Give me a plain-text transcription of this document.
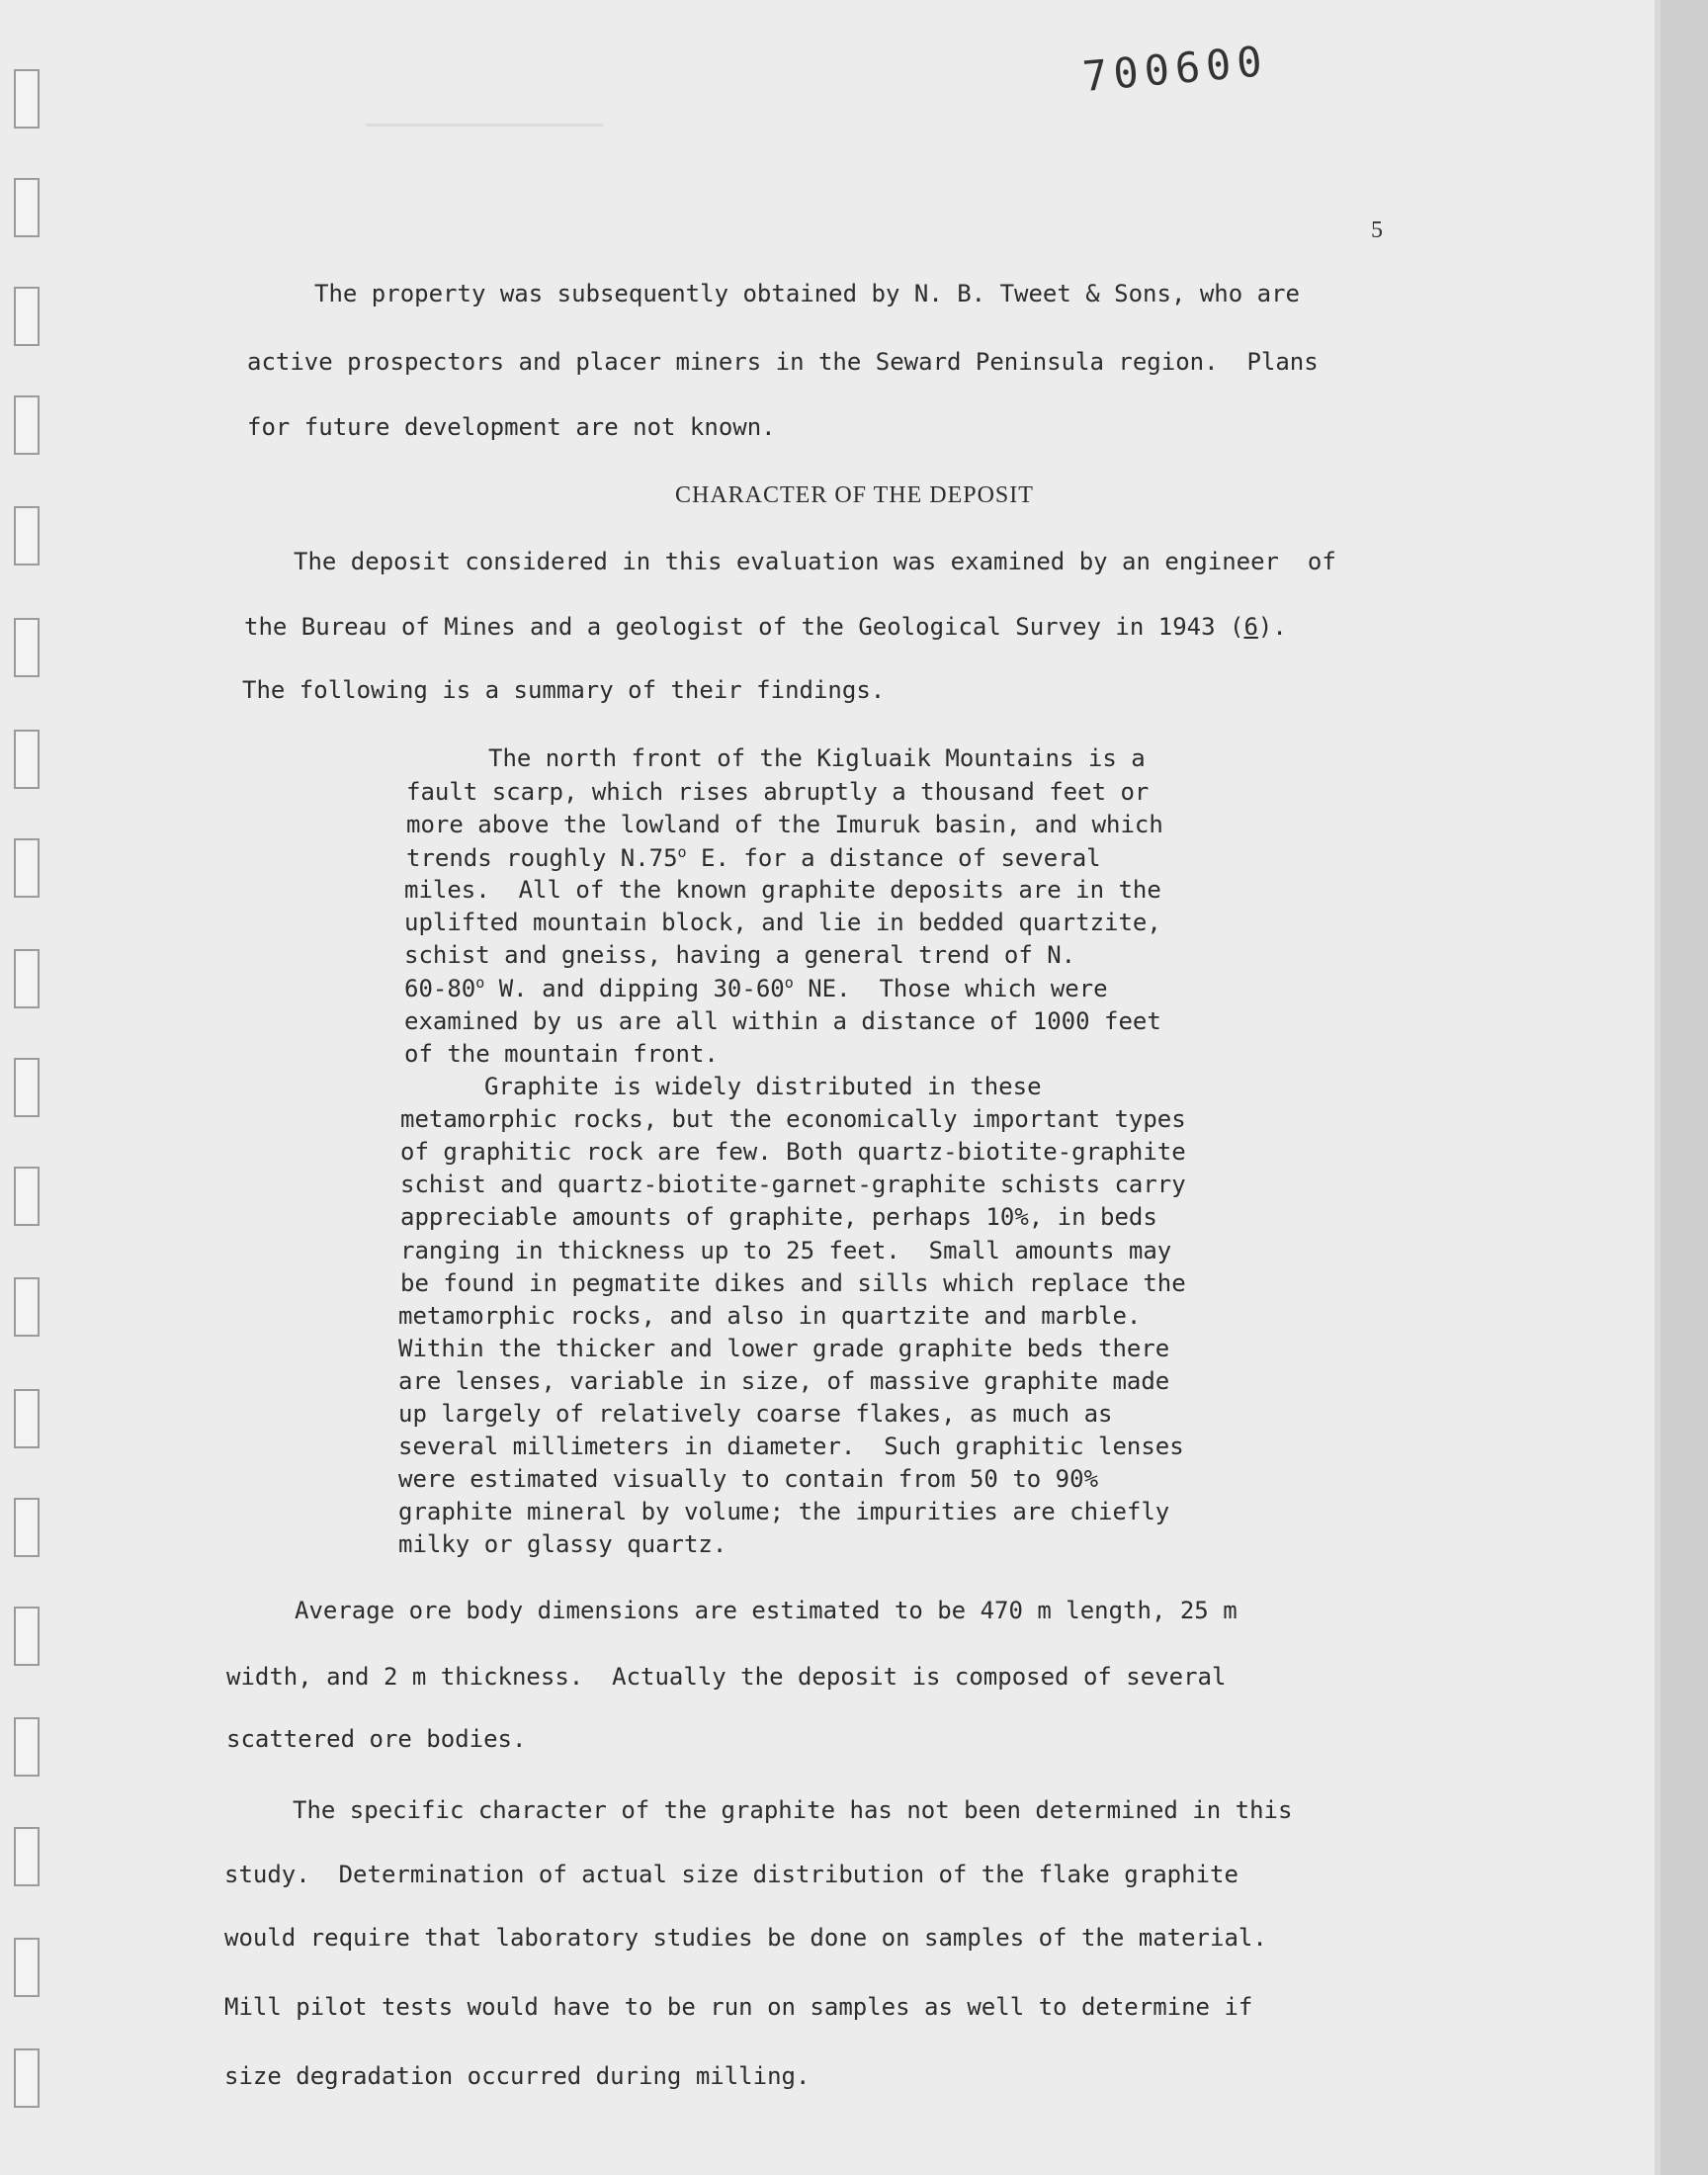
700600
5
The property was subsequently obtained by N. B. Tweet & Sons, who are
active prospectors and placer miners in the Seward Peninsula region.  Plans
for future development are not known.
CHARACTER OF THE DEPOSIT
The deposit considered in this evaluation was examined by an engineer  of
the Bureau of Mines and a geologist of the Geological Survey in 1943 (6).
The following is a summary of their findings.
The north front of the Kigluaik Mountains is a
fault scarp, which rises abruptly a thousand feet or
more above the lowland of the Imuruk basin, and which
trends roughly N.75$^o$ E. for a distance of several
miles.  All of the known graphite deposits are in the
uplifted mountain block, and lie in bedded quartzite,
schist and gneiss, having a general trend of N.
60-80$^o$ W. and dipping 30-60$^o$ NE.  Those which were
examined by us are all within a distance of 1000 feet
of the mountain front.
Graphite is widely distributed in these
metamorphic rocks, but the economically important types
of graphitic rock are few. Both quartz-biotite-graphite
schist and quartz-biotite-garnet-graphite schists carry
appreciable amounts of graphite, perhaps 10%, in beds
ranging in thickness up to 25 feet.  Small amounts may
be found in pegmatite dikes and sills which replace the
metamorphic rocks, and also in quartzite and marble.
Within the thicker and lower grade graphite beds there
are lenses, variable in size, of massive graphite made
up largely of relatively coarse flakes, as much as
several millimeters in diameter.  Such graphitic lenses
were estimated visually to contain from 50 to 90%
graphite mineral by volume; the impurities are chiefly
milky or glassy quartz.
Average ore body dimensions are estimated to be 470 m length, 25 m
width, and 2 m thickness.  Actually the deposit is composed of several
scattered ore bodies.
The specific character of the graphite has not been determined in this
study.  Determination of actual size distribution of the flake graphite
would require that laboratory studies be done on samples of the material.
Mill pilot tests would have to be run on samples as well to determine if
size degradation occurred during milling.
